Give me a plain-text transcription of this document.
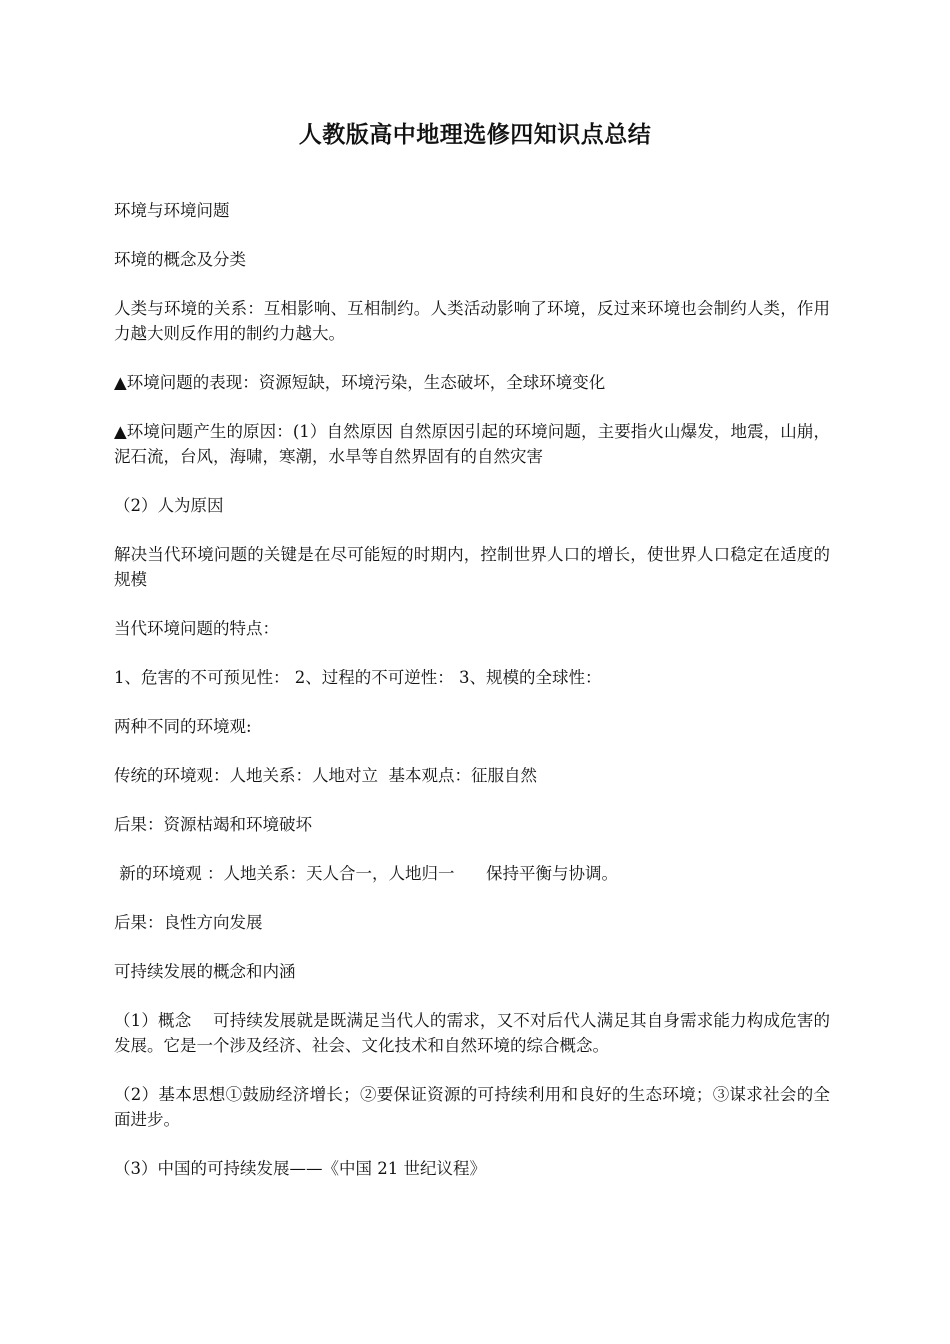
人教版高中地理选修四知识点总结

环境与环境问题

环境的概念及分类

人类与环境的关系：互相影响、互相制约。人类活动影响了环境，反过来环境也会制约人类，作用力越大则反作用的制约力越大。

▲环境问题的表现：资源短缺，环境污染，生态破坏，全球环境变化

▲环境问题产生的原因：(1）自然原因 自然原因引起的环境问题，主要指火山爆发，地震，山崩，泥石流，台风，海啸，寒潮，水旱等自然界固有的自然灾害

（2）人为原因

解决当代环境问题的关键是在尽可能短的时期内，控制世界人口的增长，使世界人口稳定在适度的规模

当代环境问题的特点：

1、危害的不可预见性： 2、过程的不可逆性： 3、规模的全球性：

两种不同的环境观:

传统的环境观：人地关系：人地对立  基本观点：征服自然

后果：资源枯竭和环境破坏

新的环境观 ：人地关系：天人合一，人地归一      保持平衡与协调。

后果：良性方向发展

可持续发展的概念和内涵

（1）概念    可持续发展就是既满足当代人的需求，又不对后代人满足其自身需求能力构成危害的发展。它是一个涉及经济、社会、文化技术和自然环境的综合概念。

（2）基本思想①鼓励经济增长；②要保证资源的可持续利用和良好的生态环境；③谋求社会的全面进步。

（3）中国的可持续发展——《中国 21 世纪议程》
